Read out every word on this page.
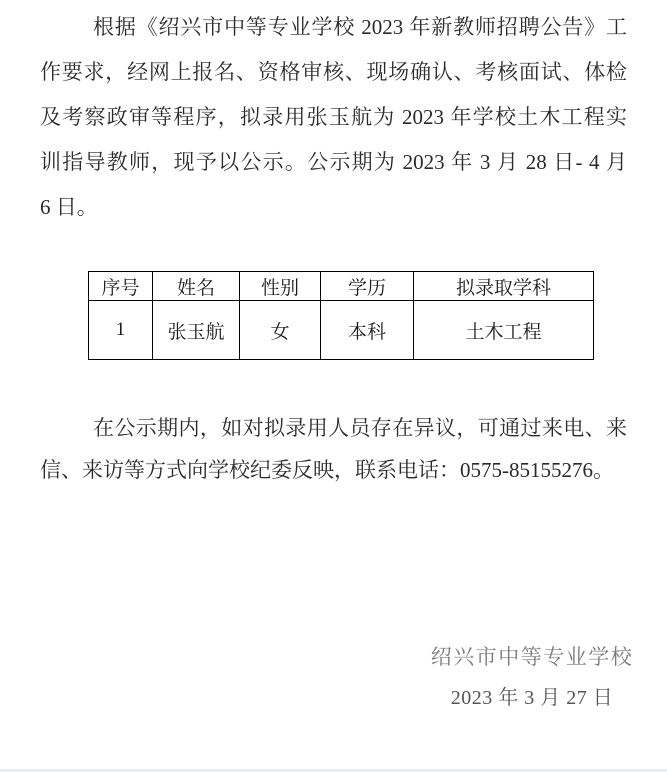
根据《绍兴市中等专业学校 2023 年新教师招聘公告》工
作要求，经网上报名、资格审核、现场确认、考核面试、体检
及考察政审等程序，拟录用张玉航为 2023 年学校土木工程实
训指导教师，现予以公示。公示期为 2023 年 3 月 28 日- 4 月
6 日。
序号	姓名	性别	学历	拟录取学科
1	张玉航	女	本科	土木工程
在公示期内，如对拟录用人员存在异议，可通过来电、来
信、来访等方式向学校纪委反映，联系电话：0575-85155276。
绍兴市中等专业学校
2023 年 3 月 27 日
